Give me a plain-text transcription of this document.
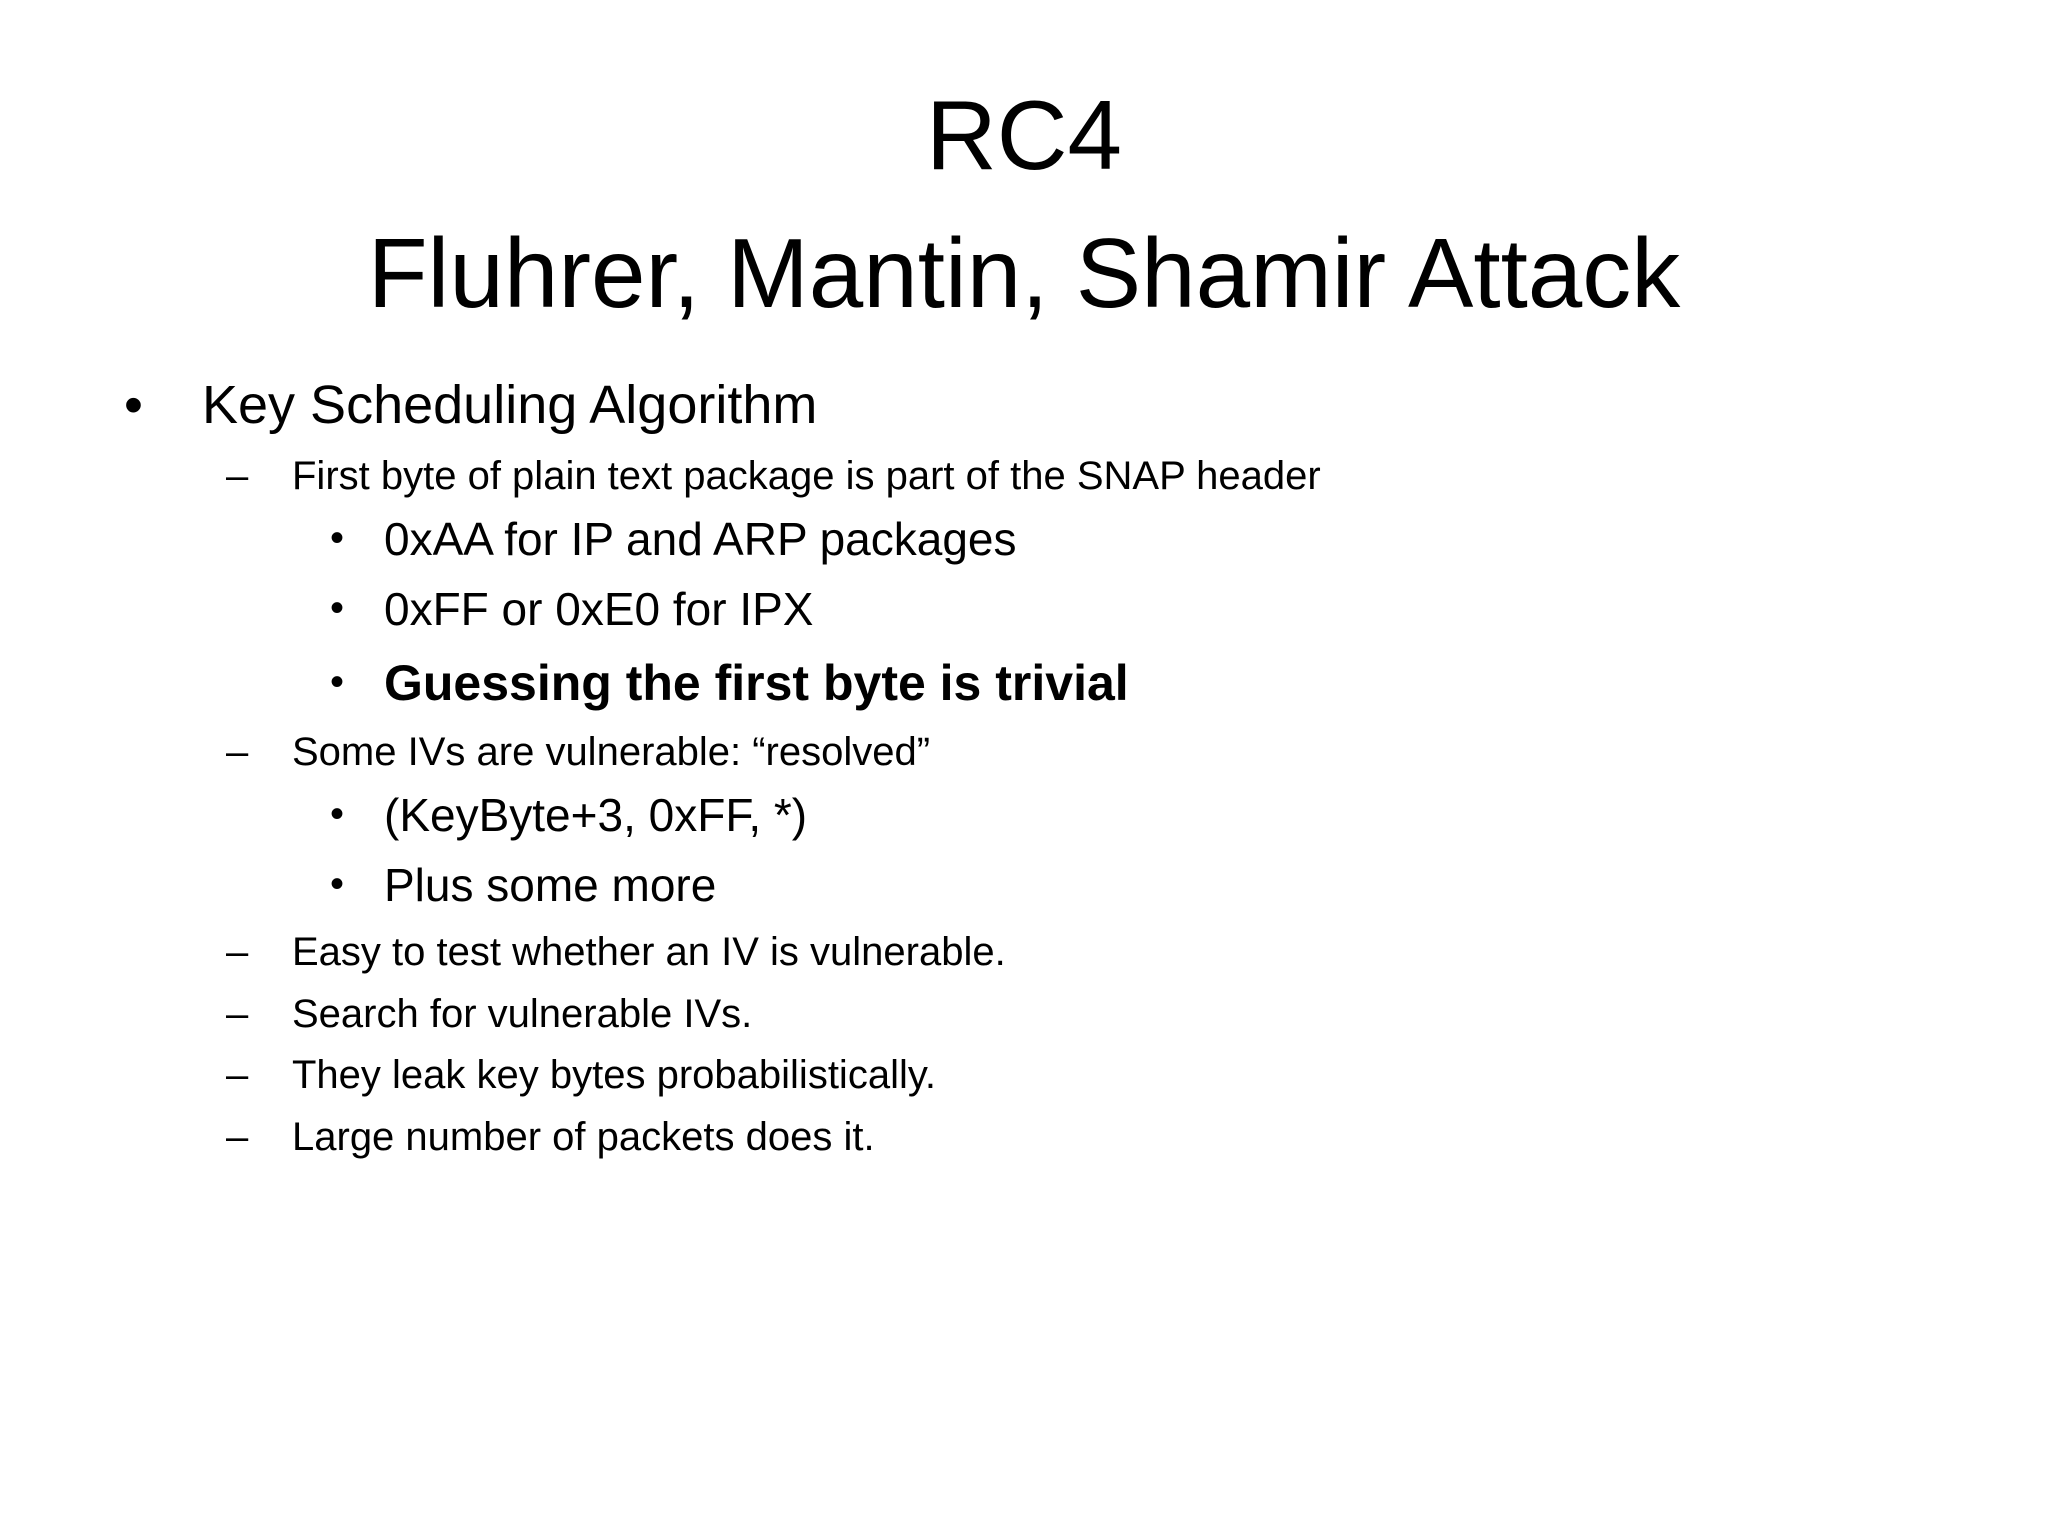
RC4
Fluhrer, Mantin, Shamir Attack
• Key Scheduling Algorithm
– First byte of plain text package is part of the SNAP header
• 0xAA for IP and ARP packages
• 0xFF or 0xE0 for IPX
• Guessing the first byte is trivial
– Some IVs are vulnerable: “resolved”
• (KeyByte+3, 0xFF, *)
• Plus some more
– Easy to test whether an IV is vulnerable.
– Search for vulnerable IVs.
– They leak key bytes probabilistically.
– Large number of packets does it.
